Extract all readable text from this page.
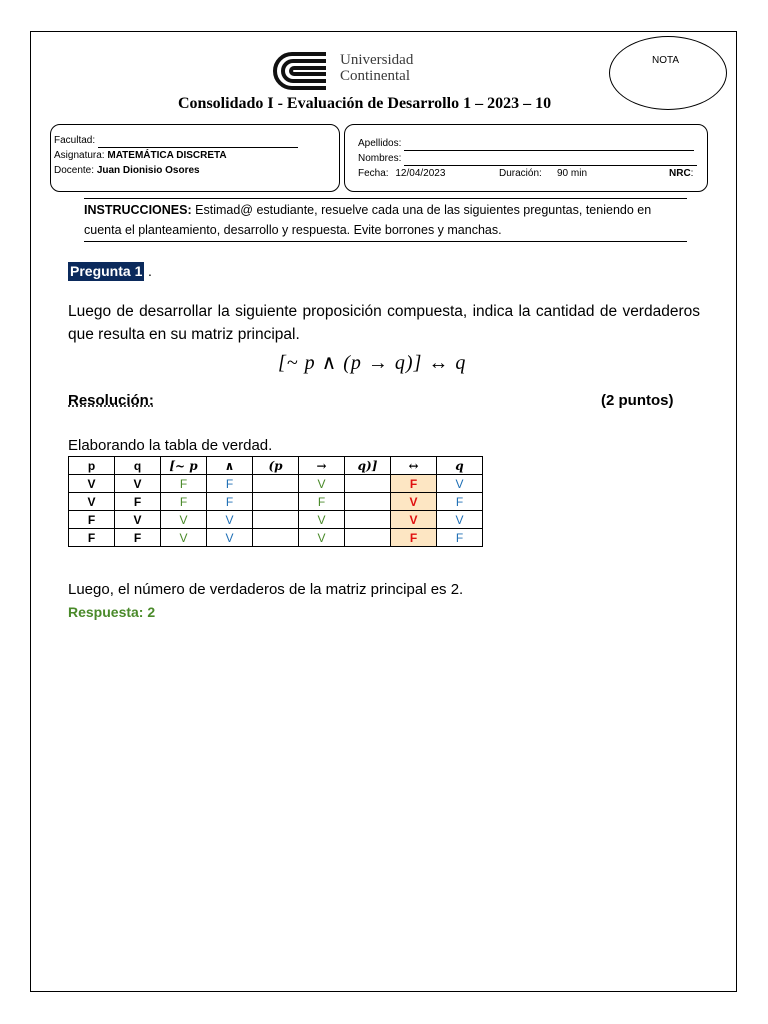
Universidad
Continental
NOTA
Consolidado I - Evaluación de Desarrollo 1 – 2023 – 10
Facultad:
Asignatura: MATEMÁTICA DISCRETA
Docente: Juan Dionisio Osores
Apellidos:
Nombres:
Fecha: 12/04/2023	Duración: 90 min	NRC:
INSTRUCCIONES: Estimad@ estudiante, resuelve cada una de las siguientes preguntas, teniendo en cuenta el planteamiento, desarrollo y respuesta. Evite borrones y manchas.
Pregunta 1 .
Luego de desarrollar la siguiente proposición compuesta, indica la cantidad de verdaderos que resulta en su matriz principal.
[~ p ∧ (p → q)] ↔ q
Resolución:	(2 puntos)
Elaborando la tabla de verdad.
p	q	[~ p	∧	(p	→	q)]	↔	q
V	V	F	F		V		F	V
V	F	F	F		F		V	F
F	V	V	V		V		V	V
F	F	V	V		V		F	F
Luego, el número de verdaderos de la matriz principal es 2.
Respuesta: 2
